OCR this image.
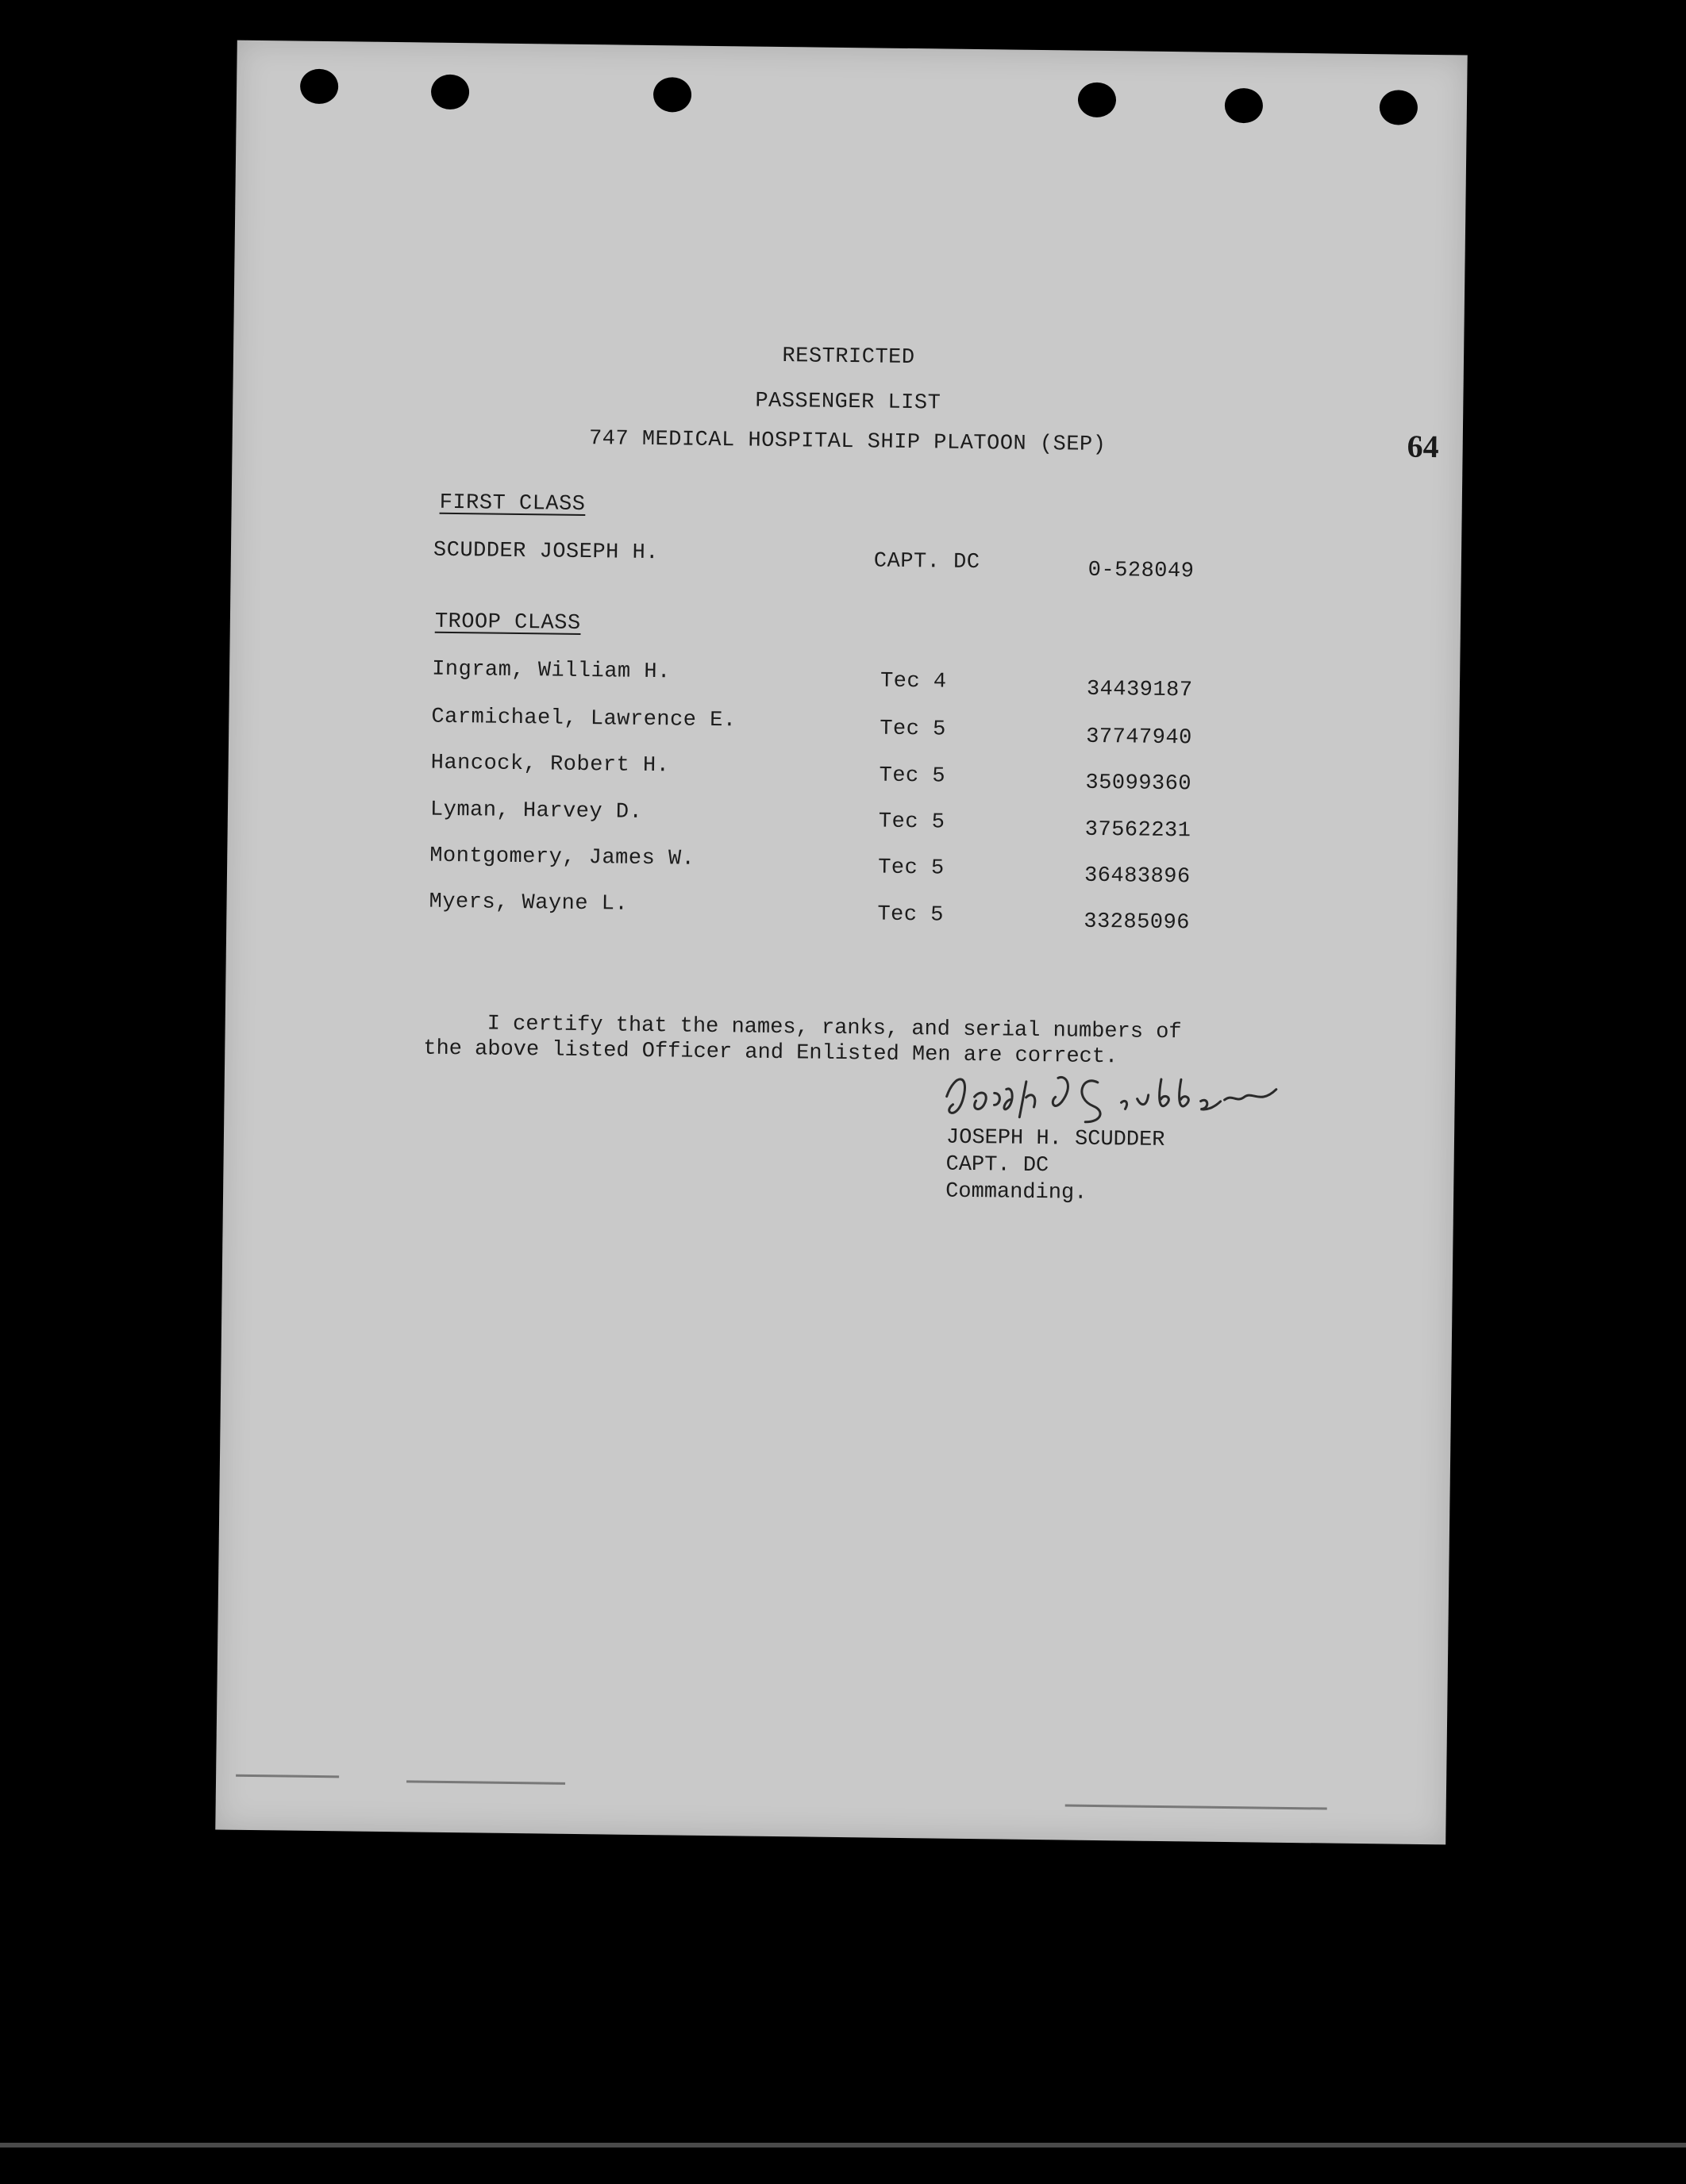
RESTRICTED
PASSENGER LIST
747 MEDICAL HOSPITAL SHIP PLATOON (SEP)	64
FIRST CLASS
SCUDDER JOSEPH H.	CAPT. DC	0-528049
TROOP CLASS
Ingram, William H.	Tec 4	34439187
Carmichael, Lawrence E.	Tec 5	37747940
Hancock, Robert H.	Tec 5	35099360
Lyman, Harvey D.	Tec 5	37562231
Montgomery, James W.	Tec 5	36483896
Myers, Wayne L.	Tec 5	33285096

I certify that the names, ranks, and serial numbers of the above listed Officer and Enlisted Men are correct.

JOSEPH H. SCUDDER
CAPT. DC
Commanding.
